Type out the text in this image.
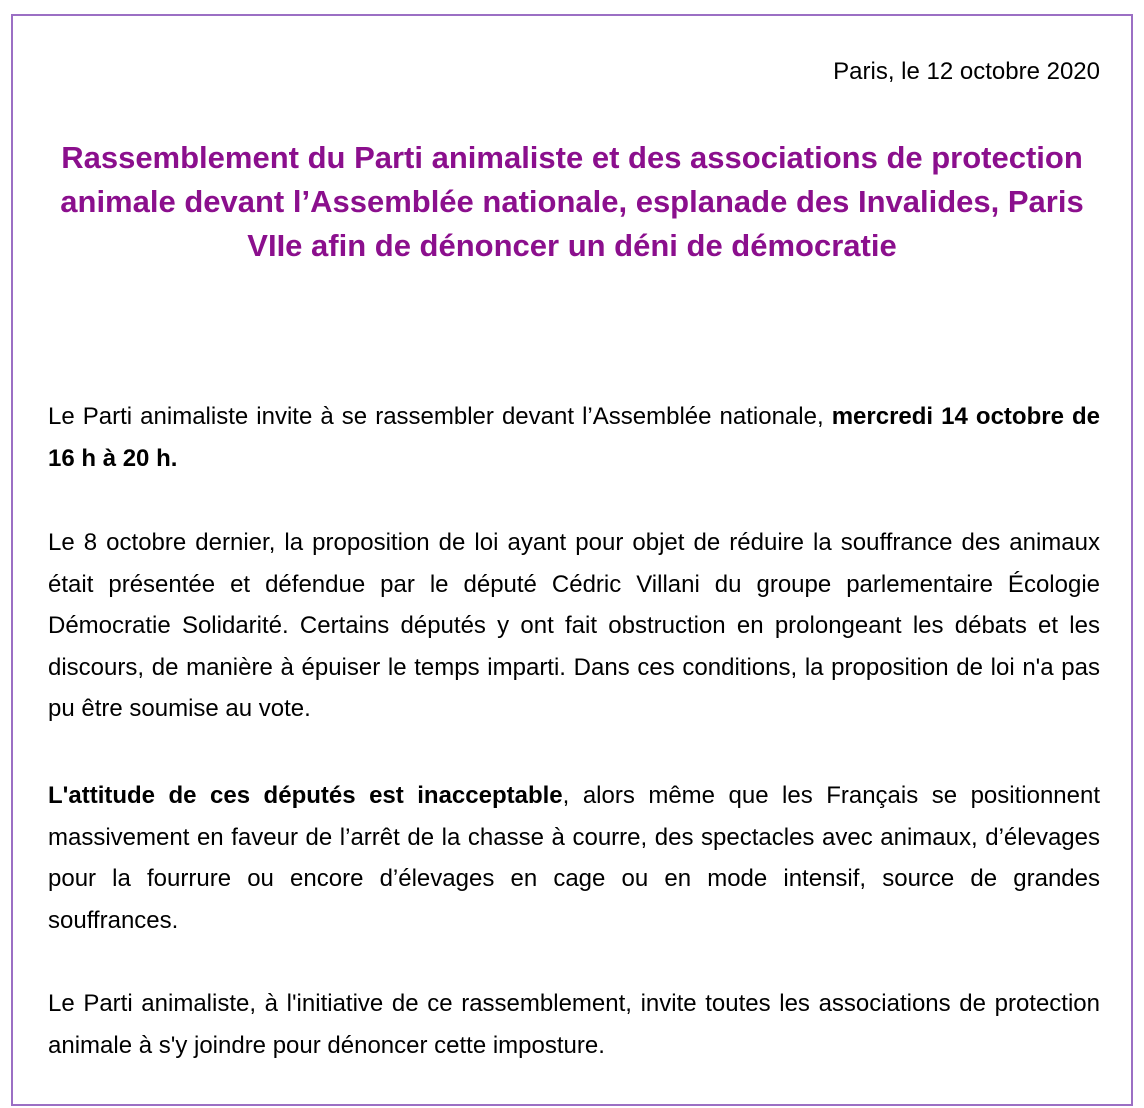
Paris, le 12 octobre 2020
Rassemblement du Parti animaliste et des associations de protection animale devant l’Assemblée nationale, esplanade des Invalides, Paris VIIe afin de dénoncer un déni de démocratie

Le Parti animaliste invite à se rassembler devant l’Assemblée nationale, mercredi 14 octobre de 16 h à 20 h.

Le 8 octobre dernier, la proposition de loi ayant pour objet de réduire la souffrance des animaux était présentée et défendue par le député Cédric Villani du groupe parlementaire Écologie Démocratie Solidarité. Certains députés y ont fait obstruction en prolongeant les débats et les discours, de manière à épuiser le temps imparti. Dans ces conditions, la proposition de loi n'a pas pu être soumise au vote.

L'attitude de ces députés est inacceptable, alors même que les Français se positionnent massivement en faveur de l’arrêt de la chasse à courre, des spectacles avec animaux, d’élevages pour la fourrure ou encore d’élevages en cage ou en mode intensif, source de grandes souffrances.

Le Parti animaliste, à l'initiative de ce rassemblement, invite toutes les associations de protection animale à s'y joindre pour dénoncer cette imposture.
